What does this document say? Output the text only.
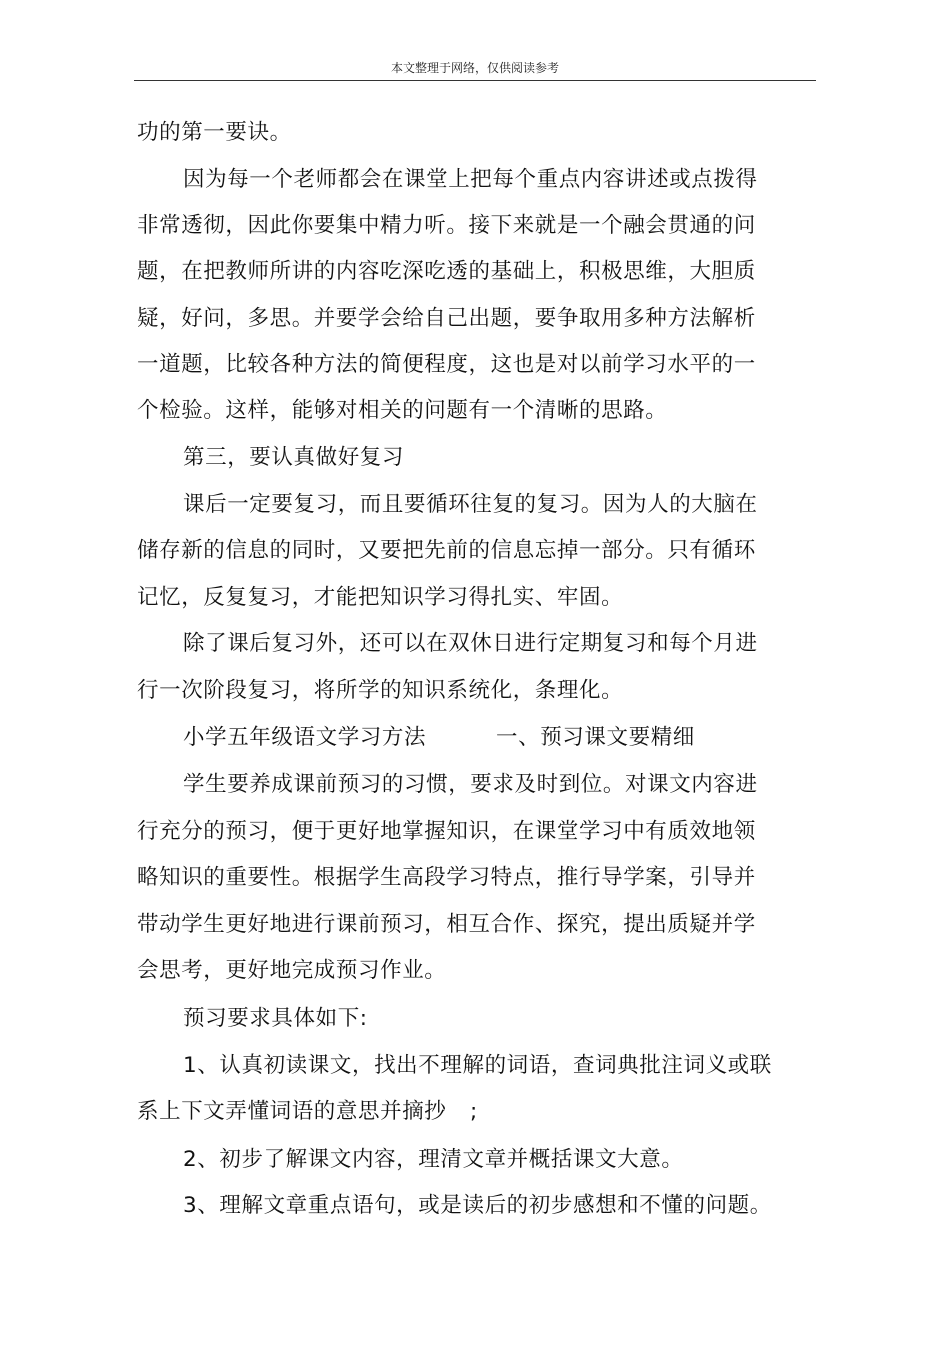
本文整理于网络，仅供阅读参考
功的第一要诀。
因为每一个老师都会在课堂上把每个重点内容讲述或点拨得
非常透彻，因此你要集中精力听。接下来就是一个融会贯通的问
题，在把教师所讲的内容吃深吃透的基础上，积极思维，大胆质
疑，好问，多思。并要学会给自己出题，要争取用多种方法解析
一道题，比较各种方法的简便程度，这也是对以前学习水平的一
个检验。这样，能够对相关的问题有一个清晰的思路。
第三，要认真做好复习
课后一定要复习，而且要循环往复的复习。因为人的大脑在
储存新的信息的同时，又要把先前的信息忘掉一部分。只有循环
记忆，反复复习，才能把知识学习得扎实、牢固。
除了课后复习外，还可以在双休日进行定期复习和每个月进
行一次阶段复习，将所学的知识系统化，条理化。
小学五年级语文学习方法	一、预习课文要精细
学生要养成课前预习的习惯，要求及时到位。对课文内容进
行充分的预习，便于更好地掌握知识，在课堂学习中有质效地领
略知识的重要性。根据学生高段学习特点，推行导学案，引导并
带动学生更好地进行课前预习，相互合作、探究，提出质疑并学
会思考，更好地完成预习作业。
预习要求具体如下:
1、认真初读课文，找出不理解的词语，查词典批注词义或联
系上下文弄懂词语的意思并摘抄 ;
2、初步了解课文内容，理清文章并概括课文大意。
3、理解文章重点语句，或是读后的初步感想和不懂的问题。
